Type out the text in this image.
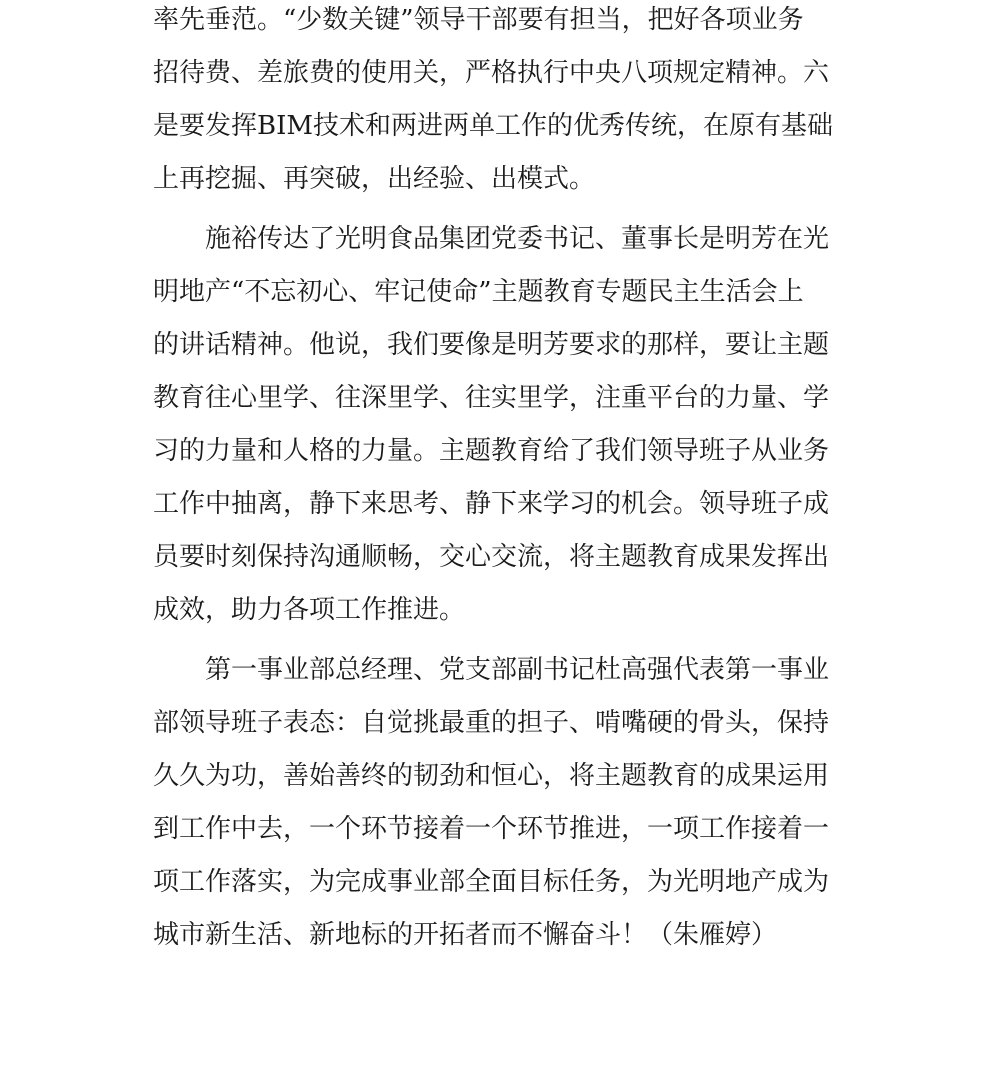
率先垂范。“少数关键”领导干部要有担当，把好各项业务
招待费、差旅费的使用关，严格执行中央八项规定精神。六
是要发挥BIM技术和两进两单工作的优秀传统，在原有基础
上再挖掘、再突破，出经验、出模式。
　　施裕传达了光明食品集团党委书记、董事长是明芳在光
明地产“不忘初心、牢记使命”主题教育专题民主生活会上
的讲话精神。他说，我们要像是明芳要求的那样，要让主题
教育往心里学、往深里学、往实里学，注重平台的力量、学
习的力量和人格的力量。主题教育给了我们领导班子从业务
工作中抽离，静下来思考、静下来学习的机会。领导班子成
员要时刻保持沟通顺畅，交心交流，将主题教育成果发挥出
成效，助力各项工作推进。
　　第一事业部总经理、党支部副书记杜高强代表第一事业
部领导班子表态：自觉挑最重的担子、啃嘴硬的骨头，保持
久久为功，善始善终的韧劲和恒心，将主题教育的成果运用
到工作中去，一个环节接着一个环节推进，一项工作接着一
项工作落实，为完成事业部全面目标任务，为光明地产成为
城市新生活、新地标的开拓者而不懈奋斗！（朱雁婷）
